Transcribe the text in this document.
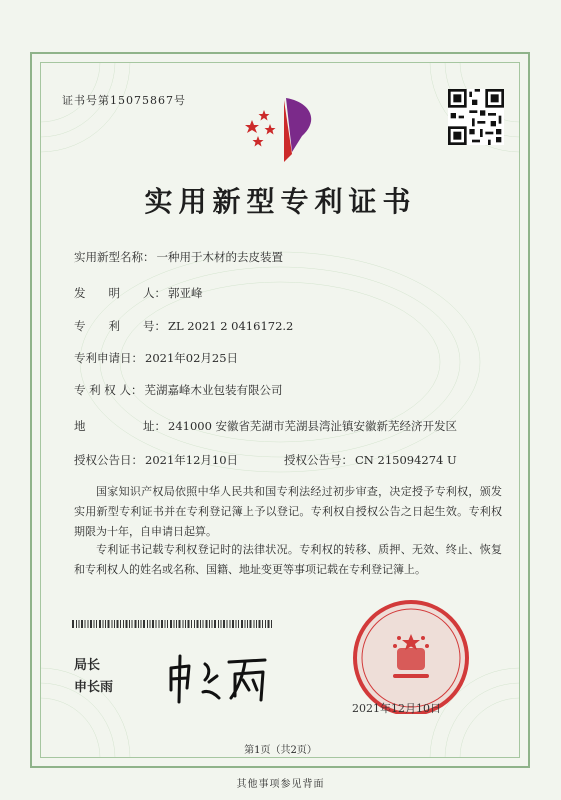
证书号第15075867号
实用新型专利证书
实用新型名称： 一种用于木材的去皮装置
发　　明　　人： 郭亚峰
专　　利　　号： ZL 2021 2 0416172.2
专利申请日： 2021年02月25日
专 利 权 人： 芜湖嘉峰木业包装有限公司
地　　　　　址： 241000 安徽省芜湖市芜湖县湾沚镇安徽新芜经济开发区
授权公告日： 2021年12月10日	授权公告号： CN 215094274 U
国家知识产权局依照中华人民共和国专利法经过初步审查，决定授予专利权，颁发实用新型专利证书并在专利登记簿上予以登记。专利权自授权公告之日起生效。专利权期限为十年，自申请日起算。
专利证书记载专利权登记时的法律状况。专利权的转移、质押、无效、终止、恢复和专利权人的姓名或名称、国籍、地址变更等事项记载在专利登记簿上。
局长
申长雨
2021年12月10日
第1页（共2页）
其他事项参见背面
